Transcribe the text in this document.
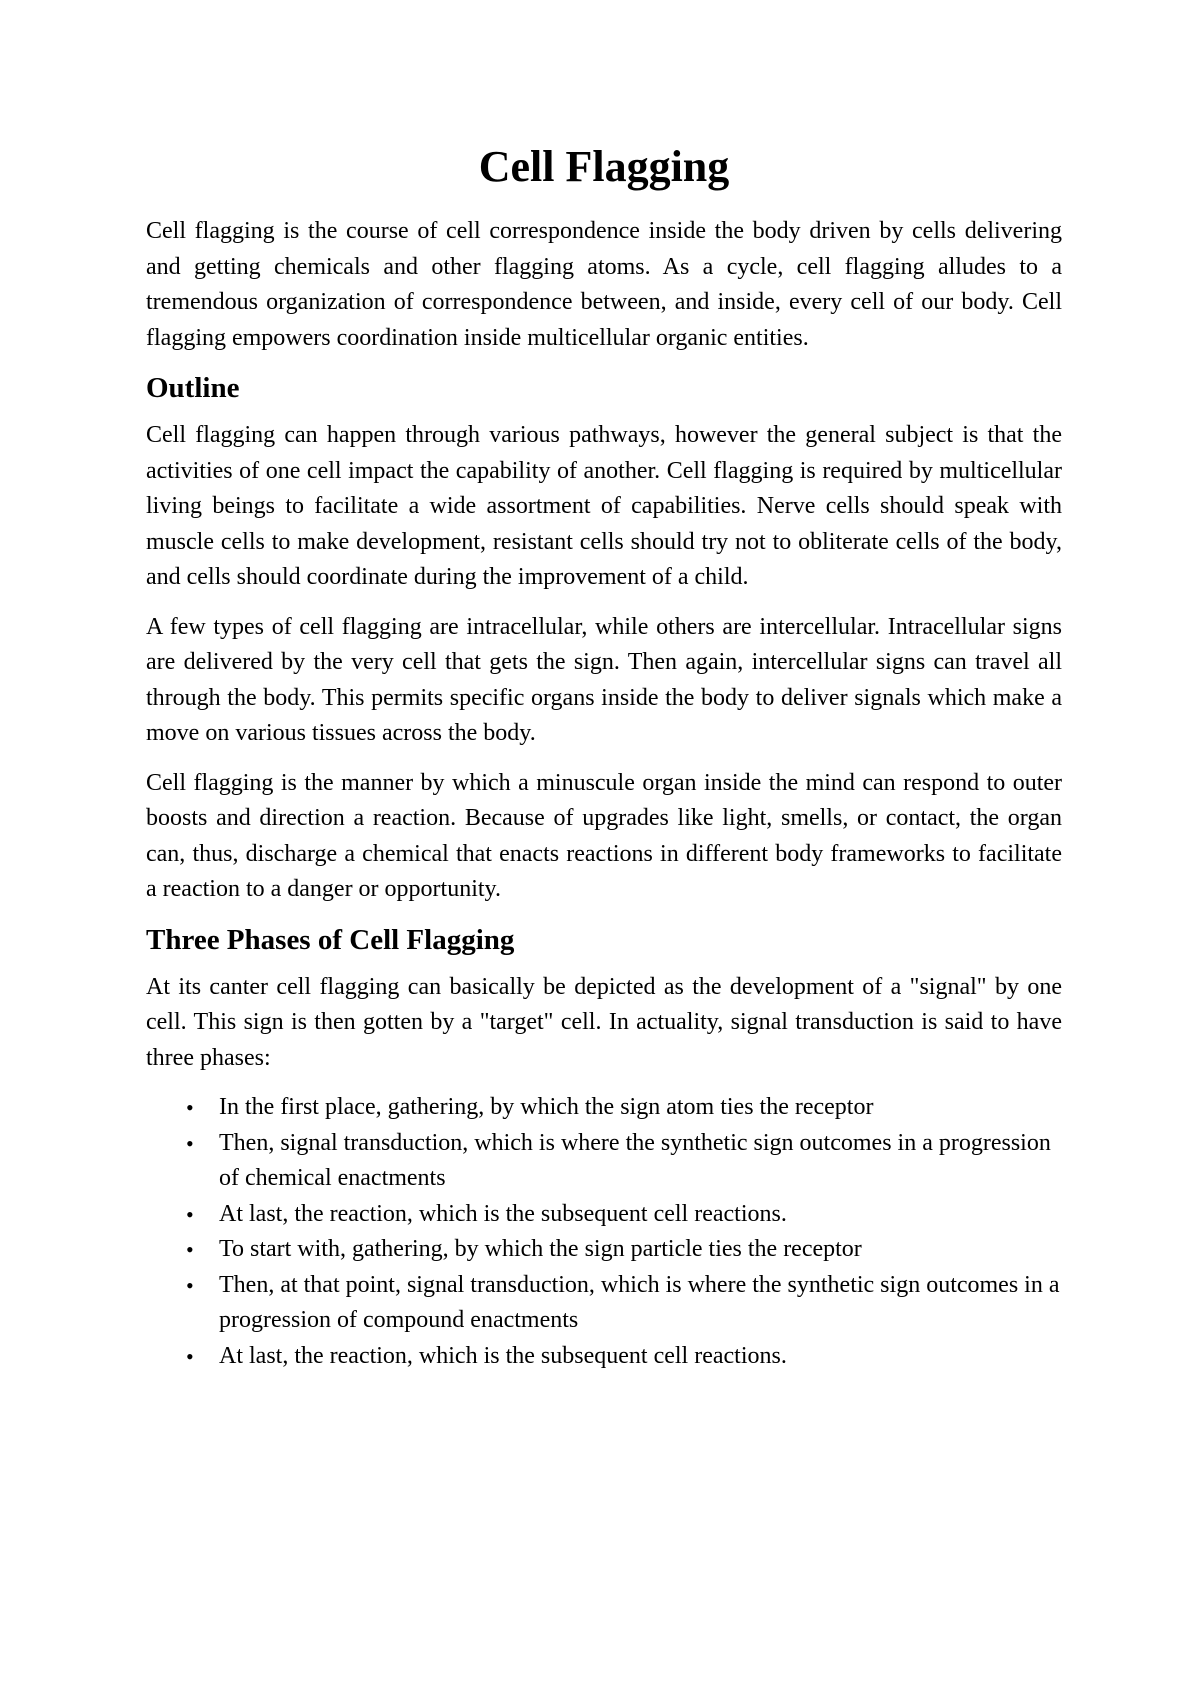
Cell Flagging

Cell flagging is the course of cell correspondence inside the body driven by cells delivering and getting chemicals and other flagging atoms. As a cycle, cell flagging alludes to a tremendous organization of correspondence between, and inside, every cell of our body. Cell flagging empowers coordination inside multicellular organic entities.

Outline

Cell flagging can happen through various pathways, however the general subject is that the activities of one cell impact the capability of another. Cell flagging is required by multicellular living beings to facilitate a wide assortment of capabilities. Nerve cells should speak with muscle cells to make development, resistant cells should try not to obliterate cells of the body, and cells should coordinate during the improvement of a child.

A few types of cell flagging are intracellular, while others are intercellular. Intracellular signs are delivered by the very cell that gets the sign. Then again, intercellular signs can travel all through the body. This permits specific organs inside the body to deliver signals which make a move on various tissues across the body.

Cell flagging is the manner by which a minuscule organ inside the mind can respond to outer boosts and direction a reaction. Because of upgrades like light, smells, or contact, the organ can, thus, discharge a chemical that enacts reactions in different body frameworks to facilitate a reaction to a danger or opportunity.

Three Phases of Cell Flagging

At its canter cell flagging can basically be depicted as the development of a "signal" by one cell. This sign is then gotten by a "target" cell. In actuality, signal transduction is said to have three phases:

•	In the first place, gathering, by which the sign atom ties the receptor
•	Then, signal transduction, which is where the synthetic sign outcomes in a progression of chemical enactments
•	At last, the reaction, which is the subsequent cell reactions.
•	To start with, gathering, by which the sign particle ties the receptor
•	Then, at that point, signal transduction, which is where the synthetic sign outcomes in a progression of compound enactments
•	At last, the reaction, which is the subsequent cell reactions.
